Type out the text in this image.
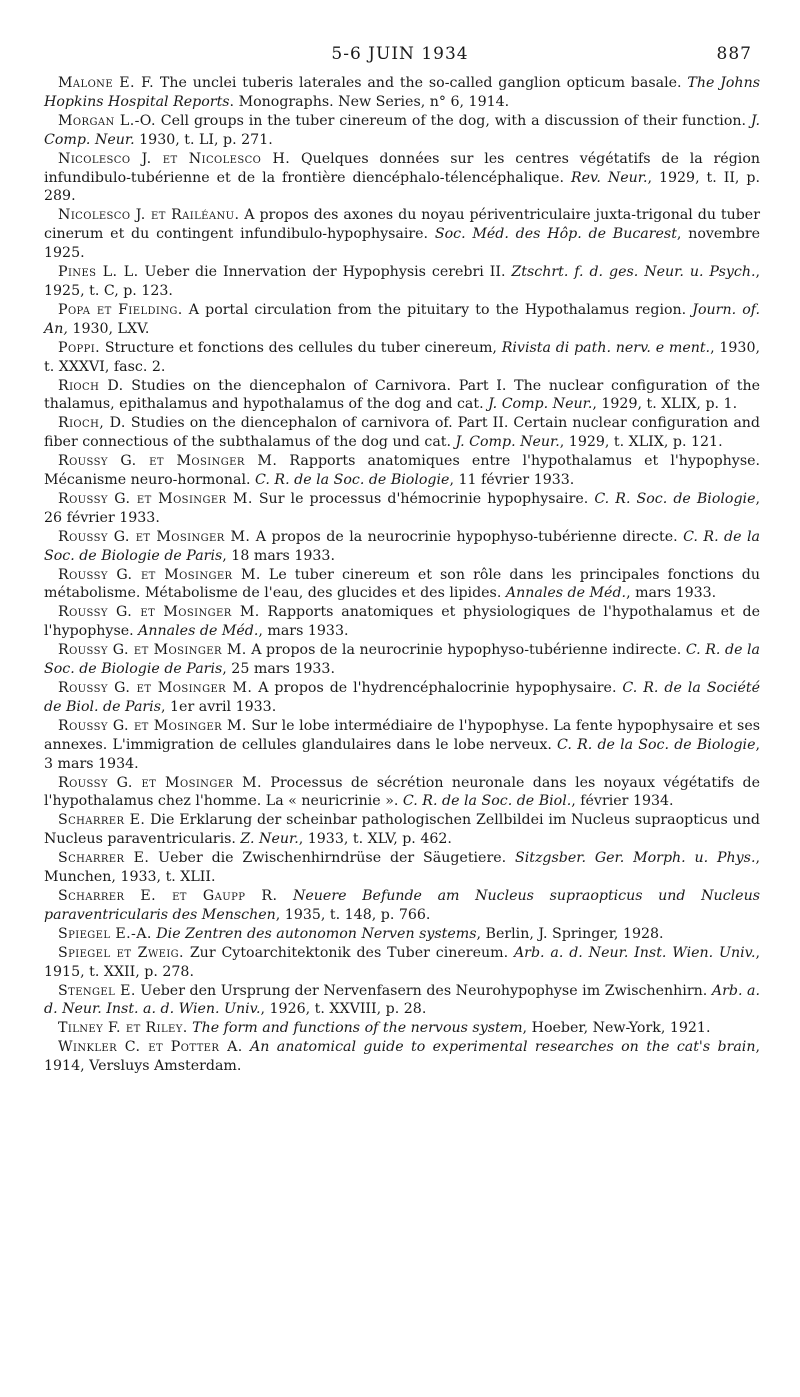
5-6 JUIN 1934	887

Malone E. F. The unclei tuberis laterales and the so-called ganglion opticum basale. The Johns Hopkins Hospital Reports. Monographs. New Series, n° 6, 1914.

Morgan L.-O. Cell groups in the tuber cinereum of the dog, with a discussion of their function. J. Comp. Neur. 1930, t. LI, p. 271.

Nicolesco J. et Nicolesco H. Quelques données sur les centres végétatifs de la région infundibulo-tubérienne et de la frontière diencéphalo-télencéphalique. Rev. Neur., 1929, t. II, p. 289.

Nicolesco J. et Railéanu. A propos des axones du noyau périventriculaire juxta-trigonal du tuber cinerum et du contingent infundibulo-hypophysaire. Soc. Méd. des Hôp. de Bucarest, novembre 1925.

Pines L. L. Ueber die Innervation der Hypophysis cerebri II. Ztschrt. f. d. ges. Neur. u. Psych., 1925, t. C, p. 123.

Popa et Fielding. A portal circulation from the pituitary to the Hypothalamus region. Journ. of. An, 1930, LXV.

Poppi. Structure et fonctions des cellules du tuber cinereum, Rivista di path. nerv. e ment., 1930, t. XXXVI, fasc. 2.

Rioch D. Studies on the diencephalon of Carnivora. Part I. The nuclear configuration of the thalamus, epithalamus and hypothalamus of the dog and cat. J. Comp. Neur., 1929, t. XLIX, p. 1.

Rioch, D. Studies on the diencephalon of carnivora of. Part II. Certain nuclear configuration and fiber connectious of the subthalamus of the dog und cat. J. Comp. Neur., 1929, t. XLIX, p. 121.

Roussy G. et Mosinger M. Rapports anatomiques entre l'hypothalamus et l'hypophyse. Mécanisme neuro-hormonal. C. R. de la Soc. de Biologie, 11 février 1933.

Roussy G. et Mosinger M. Sur le processus d'hémocrinie hypophysaire. C. R. Soc. de Biologie, 26 février 1933.

Roussy G. et Mosinger M. A propos de la neurocrinie hypophyso-tubérienne directe. C. R. de la Soc. de Biologie de Paris, 18 mars 1933.

Roussy G. et Mosinger M. Le tuber cinereum et son rôle dans les principales fonctions du métabolisme. Métabolisme de l'eau, des glucides et des lipides. Annales de Méd., mars 1933.

Roussy G. et Mosinger M. Rapports anatomiques et physiologiques de l'hypothalamus et de l'hypophyse. Annales de Méd., mars 1933.

Roussy G. et Mosinger M. A propos de la neurocrinie hypophyso-tubérienne indirecte. C. R. de la Soc. de Biologie de Paris, 25 mars 1933.

Roussy G. et Mosinger M. A propos de l'hydrencéphalocrinie hypophysaire. C. R. de la Société de Biol. de Paris, 1er avril 1933.

Roussy G. et Mosinger M. Sur le lobe intermédiaire de l'hypophyse. La fente hypophysaire et ses annexes. L'immigration de cellules glandulaires dans le lobe nerveux. C. R. de la Soc. de Biologie, 3 mars 1934.

Roussy G. et Mosinger M. Processus de sécrétion neuronale dans les noyaux végétatifs de l'hypothalamus chez l'homme. La « neuricrinie ». C. R. de la Soc. de Biol., février 1934.

Scharrer E. Die Erklarung der scheinbar pathologischen Zellbildei im Nucleus supraopticus und Nucleus paraventricularis. Z. Neur., 1933, t. XLV, p. 462.

Scharrer E. Ueber die Zwischenhirndrüse der Säugetiere. Sitzgsber. Ger. Morph. u. Phys., Munchen, 1933, t. XLII.

Scharrer E. et Gaupp R. Neuere Befunde am Nucleus supraopticus und Nucleus paraventricularis des Menschen, 1935, t. 148, p. 766.

Spiegel E.-A. Die Zentren des autonomon Nerven systems, Berlin, J. Springer, 1928.

Spiegel et Zweig. Zur Cytoarchitektonik des Tuber cinereum. Arb. a. d. Neur. Inst. Wien. Univ., 1915, t. XXII, p. 278.

Stengel E. Ueber den Ursprung der Nervenfasern des Neurohypophyse im Zwischenhirn. Arb. a. d. Neur. Inst. a. d. Wien. Univ., 1926, t. XXVIII, p. 28.

Tilney F. et Riley. The form and functions of the nervous system, Hoeber, New-York, 1921.

Winkler C. et Potter A. An anatomical guide to experimental researches on the cat's brain, 1914, Versluys Amsterdam.
